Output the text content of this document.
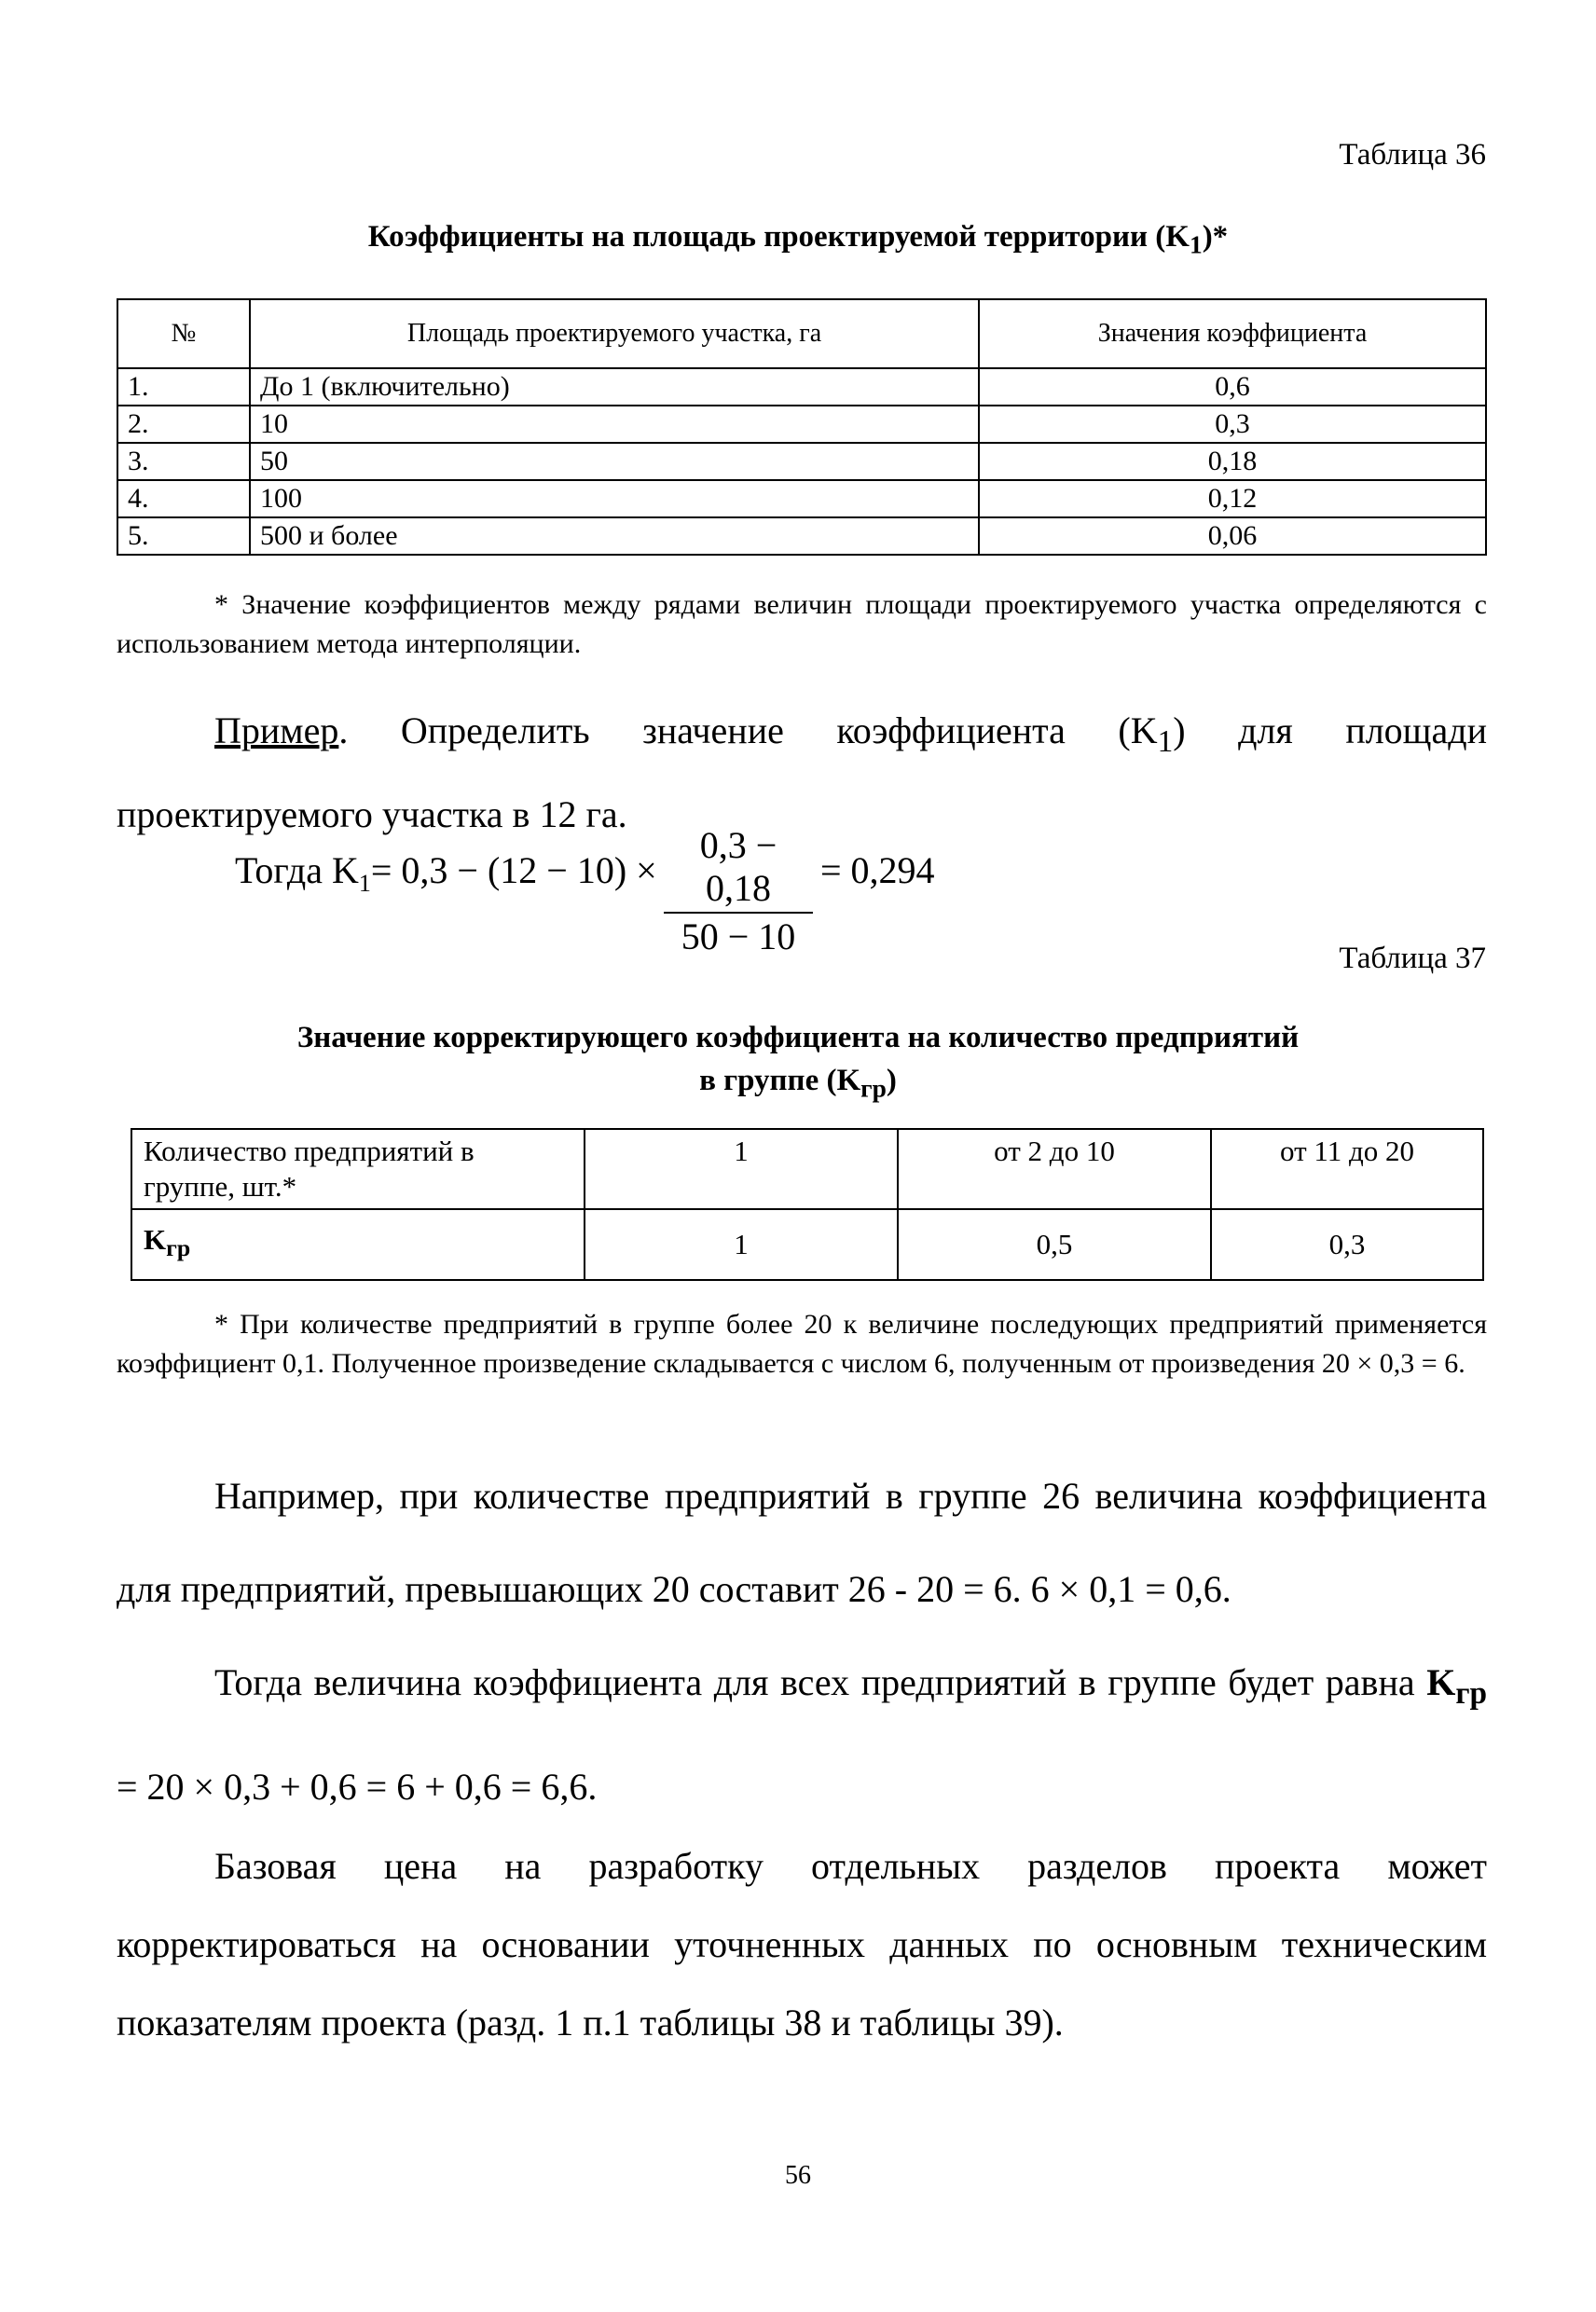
Таблица 36
Коэффициенты на площадь проектируемой территории $(K_1)*$
№	Площадь проектируемого участка, га	Значения коэффициента
1.	До 1 (включительно)	0,6
2.	10	0,3
3.	50	0,18
4.	100	0,12
5.	500 и более	0,06
* Значение коэффициентов между рядами величин площади проектируемого участка определяются с использованием метода интерполяции.
Пример. Определить значение коэффициента $(K_1)$ для площади проектируемого участка в 12 га.
Тогда $K_1= 0,3 - (12 - 10)$ ×
0,3 − 0,18
50 − 10
= 0,294
Таблица 37
Значение корректирующего коэффициента на количество предприятий
в группе $(K_{гр})$
Количество предприятий в группе, шт.*	1	от 2 до 10	от 11 до 20
$K_{гр}$	1	0,5	0,3
* При количестве предприятий в группе более 20 к величине последующих предприятий применяется коэффициент 0,1. Полученное произведение складывается с числом 6, полученным от произведения 20 × 0,3 = 6.
Например, при количестве предприятий в группе 26 величина коэффициента для предприятий, превышающих 20 составит 26 - 20 = 6. 6 × 0,1 = 0,6.
Тогда величина коэффициента для всех предприятий в группе будет равна $K_{гр} = 20 \times 0,3 + 0,6 = 6 + 0,6 = 6,6$.
Базовая цена на разработку отдельных разделов проекта может корректироваться на основании уточненных данных по основным техническим показателям проекта (разд. 1 п.1 таблицы 38 и таблицы 39).
56
